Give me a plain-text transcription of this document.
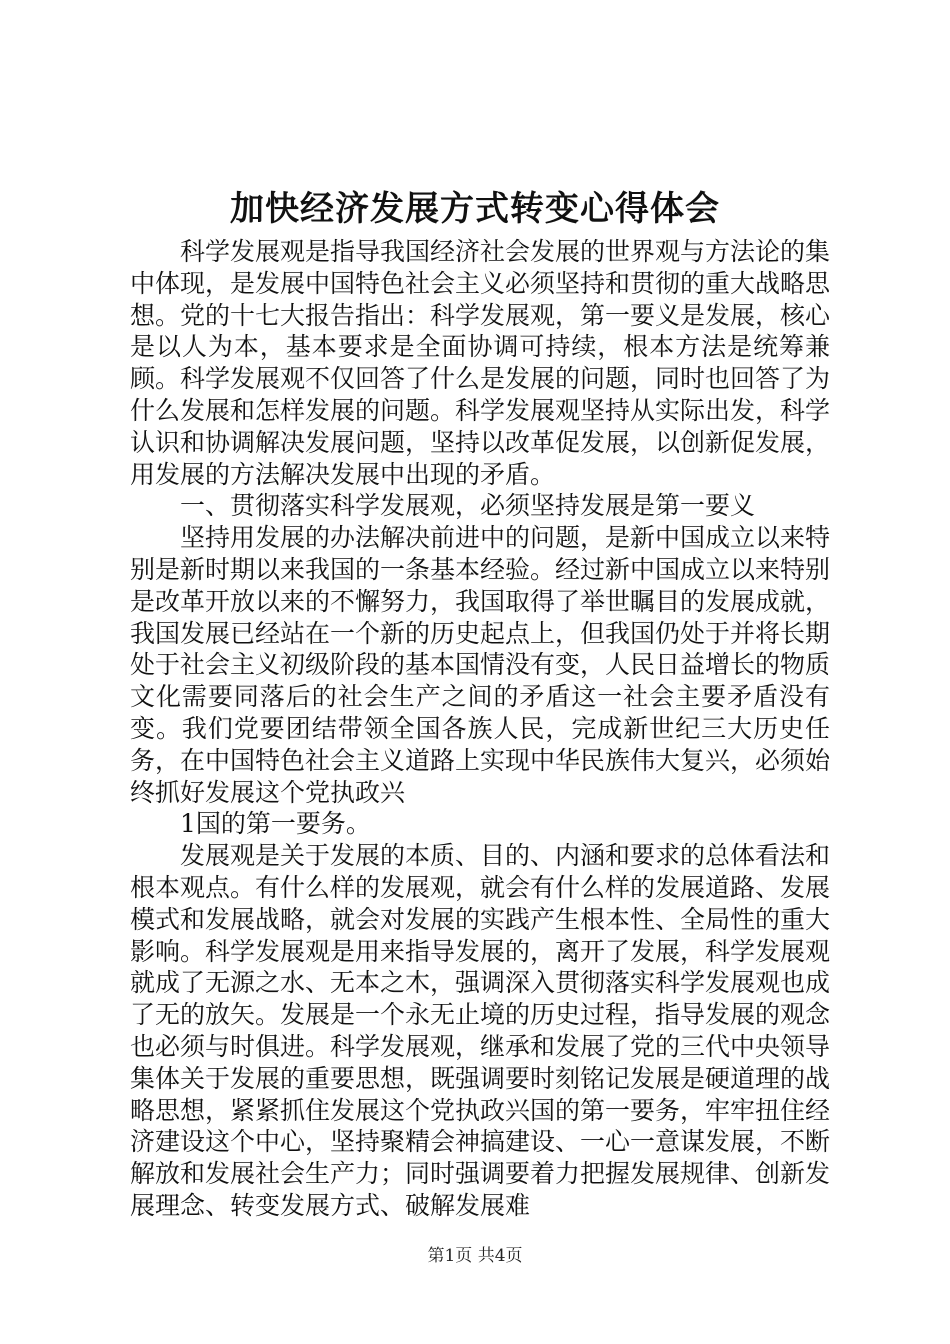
加快经济发展方式转变心得体会

科学发展观是指导我国经济社会发展的世界观与方法论的集中体现，是发展中国特色社会主义必须坚持和贯彻的重大战略思想。党的十七大报告指出：科学发展观，第一要义是发展，核心是以人为本，基本要求是全面协调可持续，根本方法是统筹兼顾。科学发展观不仅回答了什么是发展的问题，同时也回答了为什么发展和怎样发展的问题。科学发展观坚持从实际出发，科学认识和协调解决发展问题，坚持以改革促发展，以创新促发展，用发展的方法解决发展中出现的矛盾。

一、贯彻落实科学发展观，必须坚持发展是第一要义

坚持用发展的办法解决前进中的问题，是新中国成立以来特别是新时期以来我国的一条基本经验。经过新中国成立以来特别是改革开放以来的不懈努力，我国取得了举世瞩目的发展成就，我国发展已经站在一个新的历史起点上，但我国仍处于并将长期处于社会主义初级阶段的基本国情没有变，人民日益增长的物质文化需要同落后的社会生产之间的矛盾这一社会主要矛盾没有变。我们党要团结带领全国各族人民，完成新世纪三大历史任务，在中国特色社会主义道路上实现中华民族伟大复兴，必须始终抓好发展这个党执政兴

1国的第一要务。

发展观是关于发展的本质、目的、内涵和要求的总体看法和根本观点。有什么样的发展观，就会有什么样的发展道路、发展模式和发展战略，就会对发展的实践产生根本性、全局性的重大影响。科学发展观是用来指导发展的，离开了发展，科学发展观就成了无源之水、无本之木，强调深入贯彻落实科学发展观也成了无的放矢。发展是一个永无止境的历史过程，指导发展的观念也必须与时俱进。科学发展观，继承和发展了党的三代中央领导集体关于发展的重要思想，既强调要时刻铭记发展是硬道理的战略思想，紧紧抓住发展这个党执政兴国的第一要务，牢牢扭住经济建设这个中心，坚持聚精会神搞建设、一心一意谋发展，不断解放和发展社会生产力；同时强调要着力把握发展规律、创新发展理念、转变发展方式、破解发展难

第1页 共4页
